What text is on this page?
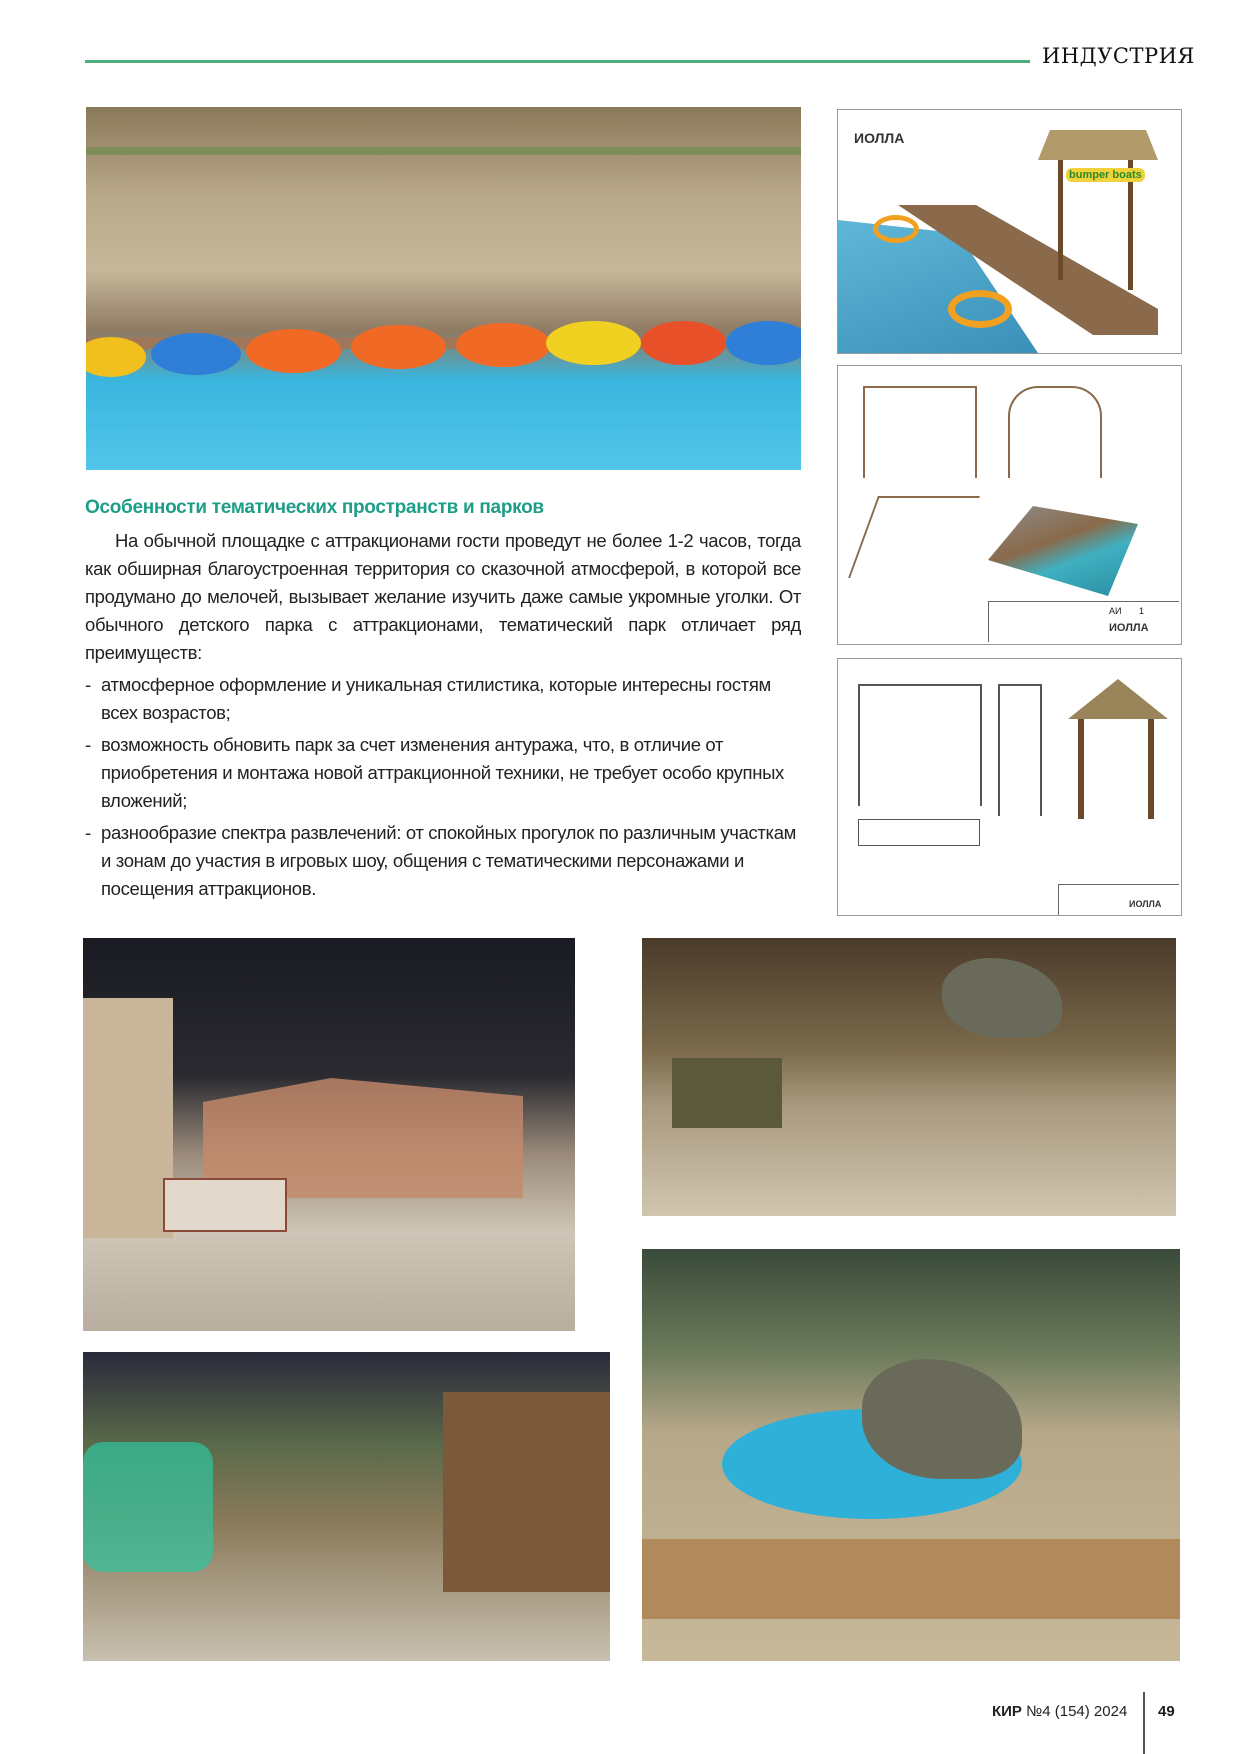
ИНДУСТРИЯ
ИОЛЛА
bumper boats
АИ 1
ИОЛЛА
ИОЛЛА
Особенности тематических пространств и парков

На обычной площадке с аттракционами гости проведут не более 1-2 часов, тогда как обширная благоустроенная территория со сказочной атмосферой, в которой все продумано до мелочей, вызывает желание изучить даже самые укромные уголки. От обычного детского парка с аттракционами, тематический парк отличает ряд преимуществ:

- атмосферное оформление и уникальная стилистика, которые интересны гостям всех возрастов;
- возможность обновить парк за счет изменения антуража, что, в отличие от приобретения и монтажа новой аттракционной техники, не требует особо крупных вложений;
- разнообразие спектра развлечений: от спокойных прогулок по различным участкам и зонам до участия в игровых шоу, общения с тематическими персонажами и посещения аттракционов.
КИР №4 (154) 2024 49
